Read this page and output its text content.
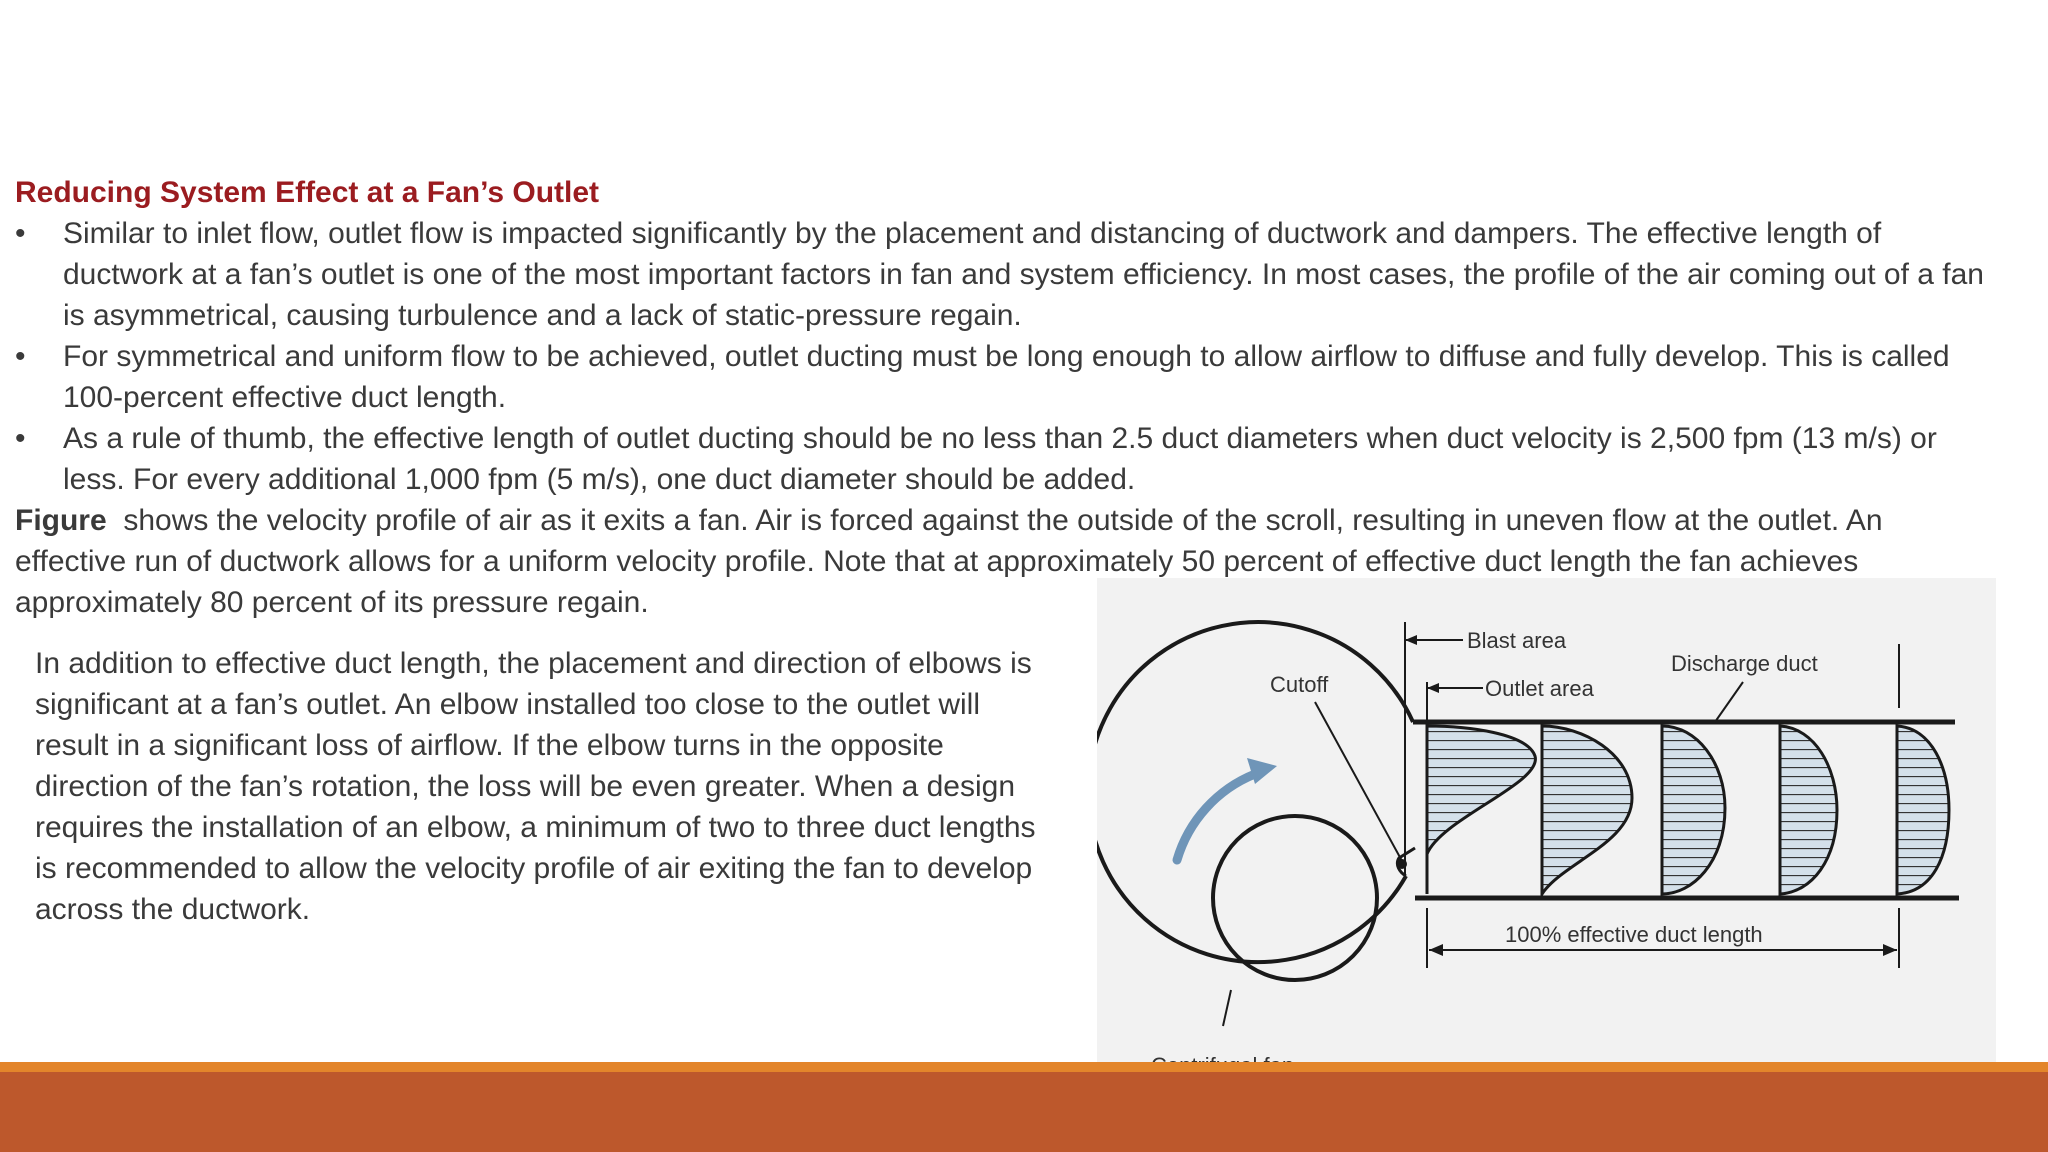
Reducing System Effect at a Fan’s Outlet
• Similar to inlet flow, outlet flow is impacted significantly by the placement and distancing of ductwork and dampers. The effective length of ductwork at a fan’s outlet is one of the most important factors in fan and system efficiency. In most cases, the profile of the air coming out of a fan is asymmetrical, causing turbulence and a lack of static-pressure regain.
• For symmetrical and uniform flow to be achieved, outlet ducting must be long enough to allow airflow to diffuse and fully develop. This is called 100-percent effective duct length.
• As a rule of thumb, the effective length of outlet ducting should be no less than 2.5 duct diameters when duct velocity is 2,500 fpm (13 m/s) or less. For every additional 1,000 fpm (5 m/s), one duct diameter should be added.

Figure  shows the velocity profile of air as it exits a fan. Air is forced against the outside of the scroll, resulting in uneven flow at the outlet. An effective run of ductwork allows for a uniform velocity profile. Note that at approximately 50 percent of effective duct length the fan achieves approximately 80 percent of its pressure regain.

In addition to effective duct length, the placement and direction of elbows is significant at a fan’s outlet. An elbow installed too close to the outlet will result in a significant loss of airflow. If the elbow turns in the opposite direction of the fan’s rotation, the loss will be even greater. When a design requires the installation of an elbow, a minimum of two to three duct lengths is recommended to allow the velocity profile of air exiting the fan to develop across the ductwork.

Blast area
Cutoff	Outlet area
Discharge duct
100% effective duct length
